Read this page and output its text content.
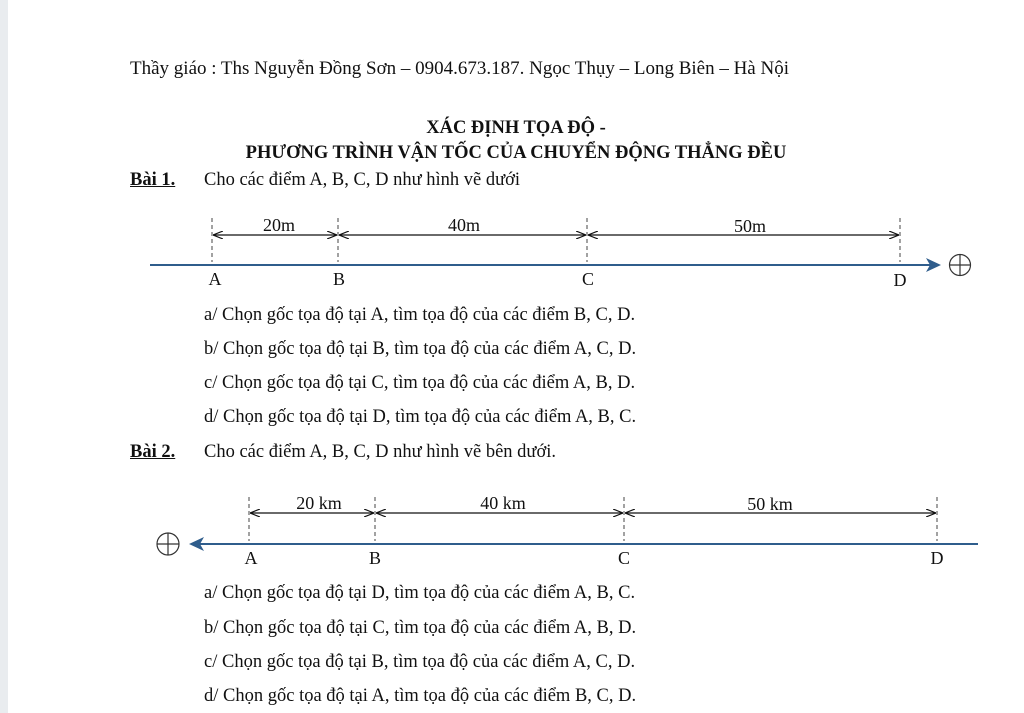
Thầy giáo : Ths Nguyễn Đồng Sơn – 0904.673.187. Ngọc Thụy – Long Biên – Hà Nội
XÁC ĐỊNH TỌA ĐỘ -
PHƯƠNG TRÌNH VẬN TỐC CỦA CHUYỂN ĐỘNG THẲNG ĐỀU
Bài 1. Cho các điểm A, B, C, D như hình vẽ dưới
20m	40m	50m
A	B	C	D
20 km	40 km	50 km
A	B	C	D
a/ Chọn gốc tọa độ tại A, tìm tọa độ của các điểm B, C, D.
b/ Chọn gốc tọa độ tại B, tìm tọa độ của các điểm A, C, D.
c/ Chọn gốc tọa độ tại C, tìm tọa độ của các điểm A, B, D.
d/ Chọn gốc tọa độ tại D, tìm tọa độ của các điểm A, B, C.
Bài 2. Cho các điểm A, B, C, D như hình vẽ bên dưới.
a/ Chọn gốc tọa độ tại D, tìm tọa độ của các điểm A, B, C.
b/ Chọn gốc tọa độ tại C, tìm tọa độ của các điểm A, B, D.
c/ Chọn gốc tọa độ tại B, tìm tọa độ của các điểm A, C, D.
d/ Chọn gốc tọa độ tại A, tìm tọa độ của các điểm B, C, D.
